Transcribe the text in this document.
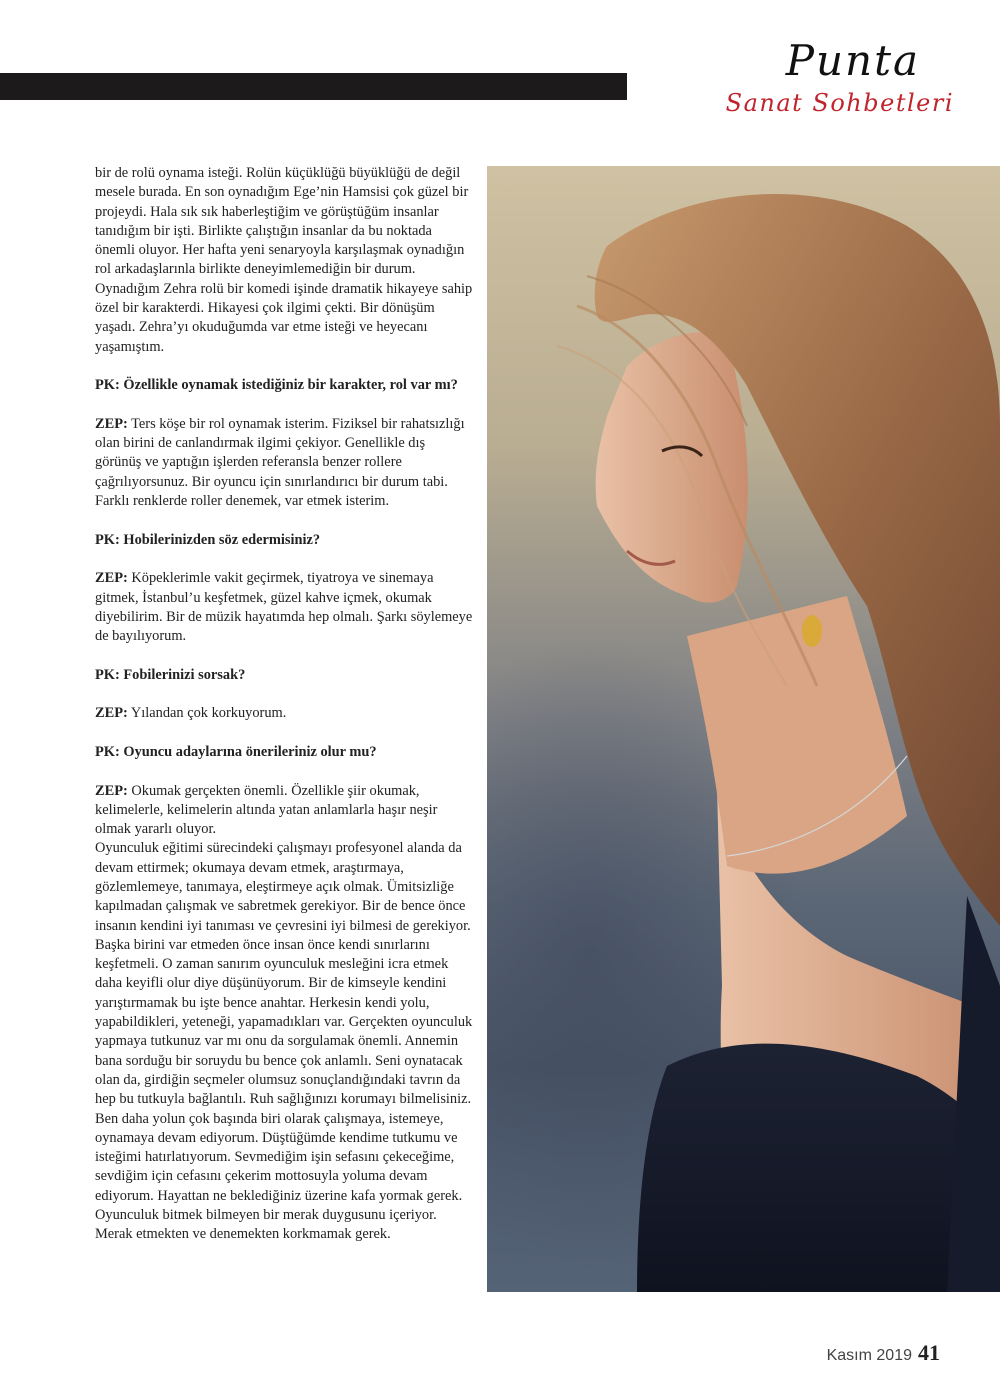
Punta
Sanat Sohbetleri

bir de rolü oynama isteği. Rolün küçüklüğü büyüklüğü de değil mesele burada. En son oynadığım Ege’nin Hamsisi çok güzel bir projeydi. Hala sık sık haberleştiğim ve görüştüğüm insanlar tanıdığım bir işti. Birlikte çalıştığın insanlar da bu noktada önemli oluyor. Her hafta yeni senaryoyla karşılaşmak oynadığın rol arkadaşlarınla birlikte deneyimlemediğin bir durum. Oynadığım Zehra rolü bir komedi işinde dramatik hikayeye sahip özel bir karakterdi. Hikayesi çok ilgimi çekti. Bir dönüşüm yaşadı. Zehra’yı okuduğumda var etme isteği ve heyecanı yaşamıştım.

PK: Özellikle oynamak istediğiniz bir karakter, rol var mı?

ZEP: Ters köşe bir rol oynamak isterim. Fiziksel bir rahatsızlığı olan birini de canlandırmak ilgimi çekiyor. Genellikle dış görünüş ve yaptığın işlerden referansla benzer rollere çağrılıyorsunuz. Bir oyuncu için sınırlandırıcı bir durum tabi. Farklı renklerde roller denemek, var etmek isterim.

PK: Hobilerinizden söz edermisiniz?

ZEP: Köpeklerimle vakit geçirmek, tiyatroya ve sinemaya gitmek, İstanbul’u keşfetmek, güzel kahve içmek, okumak diyebilirim. Bir de müzik hayatımda hep olmalı. Şarkı söylemeye de bayılıyorum.

PK: Fobilerinizi sorsak?

ZEP: Yılandan çok korkuyorum.

PK: Oyuncu adaylarına önerileriniz olur mu?

ZEP: Okumak gerçekten önemli. Özellikle şiir okumak, kelimelerle, kelimelerin altında yatan anlamlarla haşır neşir olmak yararlı oluyor.

Oyunculuk eğitimi sürecindeki çalışmayı profesyonel alanda da devam ettirmek; okumaya devam etmek, araştırmaya, gözlemlemeye, tanımaya, eleştirmeye açık olmak. Ümitsizliğe kapılmadan çalışmak ve sabretmek gerekiyor. Bir de bence önce insanın kendini iyi tanıması ve çevresini iyi bilmesi de gerekiyor. Başka birini var etmeden önce insan önce kendi sınırlarını keşfetmeli. O zaman sanırım oyunculuk mesleğini icra etmek daha keyifli olur diye düşünüyorum. Bir de kimseyle kendini yarıştırmamak bu işte bence anahtar. Herkesin kendi yolu, yapabildikleri, yeteneği, yapamadıkları var. Gerçekten oyunculuk yapmaya tutkunuz var mı onu da sorgulamak önemli. Annemin bana sorduğu bir soruydu bu bence çok anlamlı. Seni oynatacak olan da, girdiğin seçmeler olumsuz sonuçlandığındaki tavrın da hep bu tutkuyla bağlantılı. Ruh sağlığınızı korumayı bilmelisiniz. Ben daha yolun çok başında biri olarak çalışmaya, istemeye, oynamaya devam ediyorum. Düştüğümde kendime tutkumu ve isteğimi hatırlatıyorum. Sevmediğim işin sefasını çekeceğime, sevdiğim için cefasını çekerim mottosuyla yoluma devam ediyorum. Hayattan ne beklediğiniz üzerine kafa yormak gerek. Oyunculuk bitmek bilmeyen bir merak duygusunu içeriyor. Merak etmekten ve denemekten korkmamak gerek.

Kasım 2019 41
